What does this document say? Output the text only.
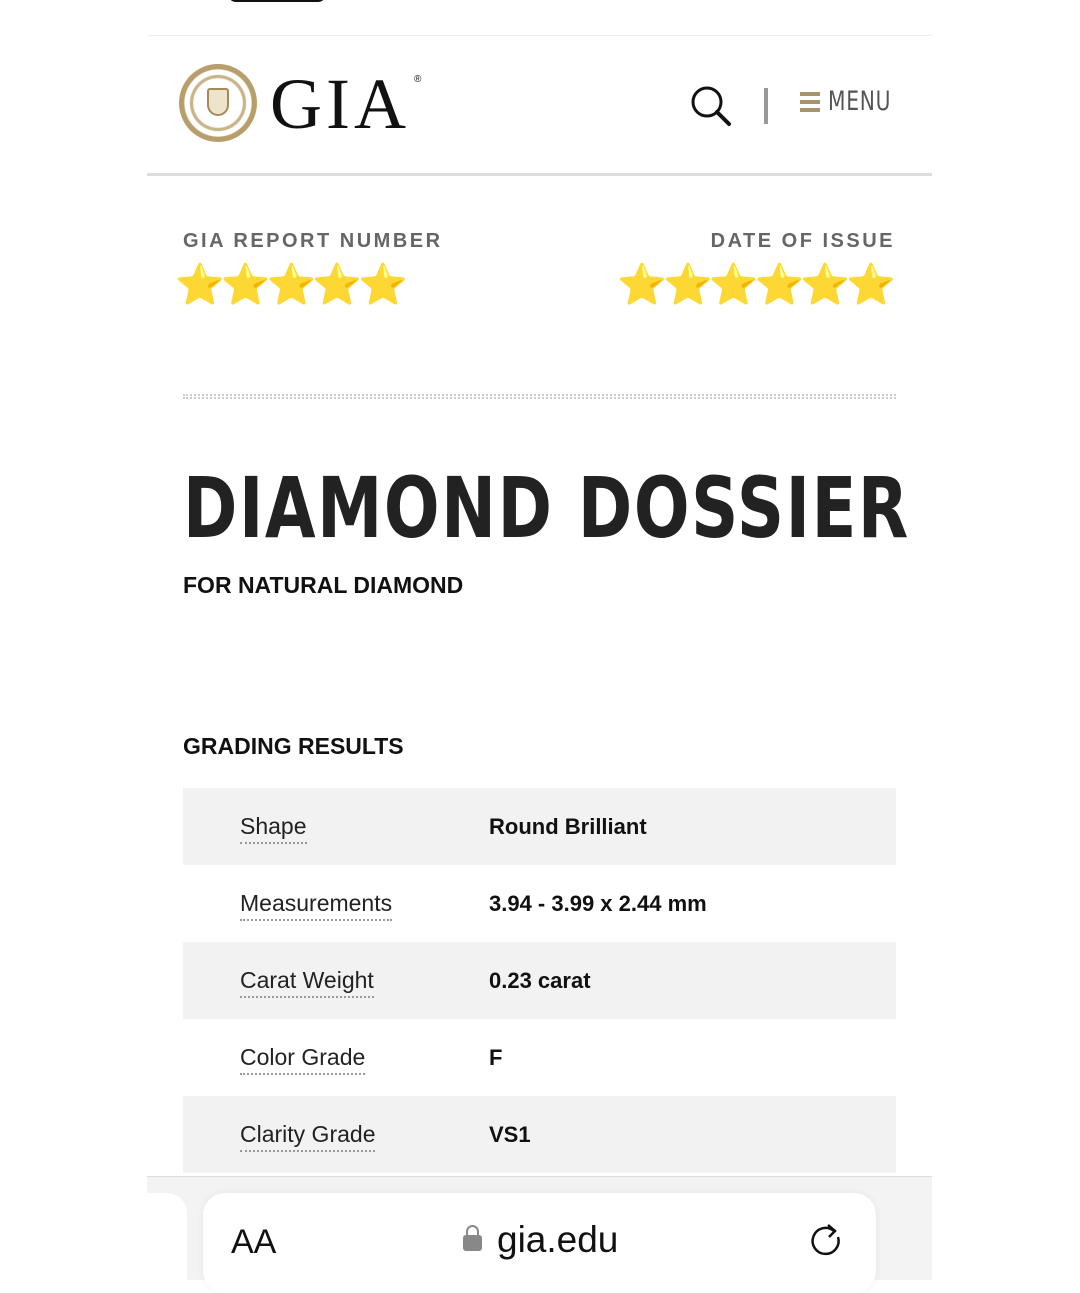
GIA ®
MENU
GIA REPORT NUMBER	DATE OF ISSUE
⭐⭐⭐⭐⭐	⭐⭐⭐⭐⭐⭐
DIAMOND DOSSIER
FOR NATURAL DIAMOND
GRADING RESULTS
Shape	Round Brilliant
Measurements	3.94 - 3.99 x 2.44 mm
Carat Weight	0.23 carat
Color Grade	F
Clarity Grade	VS1
AA	gia.edu
